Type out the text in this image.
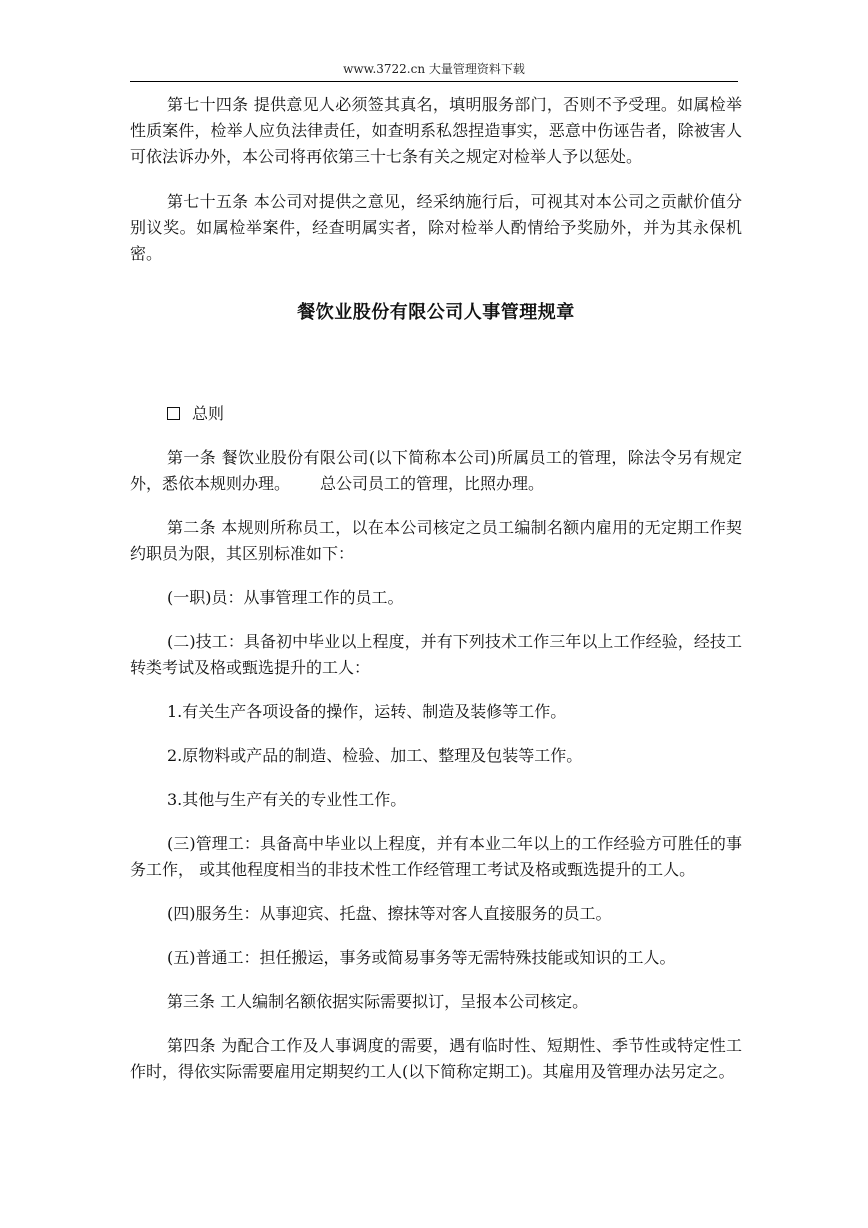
www.3722.cn 大量管理资料下载

第七十四条 提供意见人必须签其真名，填明服务部门，否则不予受理。如属检举性质案件，检举人应负法律责任，如查明系私怨捏造事实，恶意中伤诬告者，除被害人可依法诉办外，本公司将再依第三十七条有关之规定对检举人予以惩处。

第七十五条 本公司对提供之意见，经采纳施行后，可视其对本公司之贡献价值分别议奖。如属检举案件，经查明属实者，除对检举人酌情给予奖励外，并为其永保机密。

餐饮业股份有限公司人事管理规章

总则

第一条 餐饮业股份有限公司(以下简称本公司)所属员工的管理，除法令另有规定外，悉依本规则办理。 总公司员工的管理，比照办理。

第二条 本规则所称员工，以在本公司核定之员工编制名额内雇用的无定期工作契约职员为限，其区别标准如下：

(一职)员：从事管理工作的员工。

(二)技工：具备初中毕业以上程度，并有下列技术工作三年以上工作经验，经技工转类考试及格或甄选提升的工人：

1.有关生产各项设备的操作，运转、制造及装修等工作。

2.原物料或产品的制造、检验、加工、整理及包装等工作。

3.其他与生产有关的专业性工作。

(三)管理工：具备高中毕业以上程度，并有本业二年以上的工作经验方可胜任的事务工作， 或其他程度相当的非技术性工作经管理工考试及格或甄选提升的工人。

(四)服务生：从事迎宾、托盘、擦抹等对客人直接服务的员工。

(五)普通工：担任搬运，事务或简易事务等无需特殊技能或知识的工人。

第三条 工人编制名额依据实际需要拟订，呈报本公司核定。

第四条 为配合工作及人事调度的需要，遇有临时性、短期性、季节性或特定性工作时，得依实际需要雇用定期契约工人(以下简称定期工)。其雇用及管理办法另定之。
